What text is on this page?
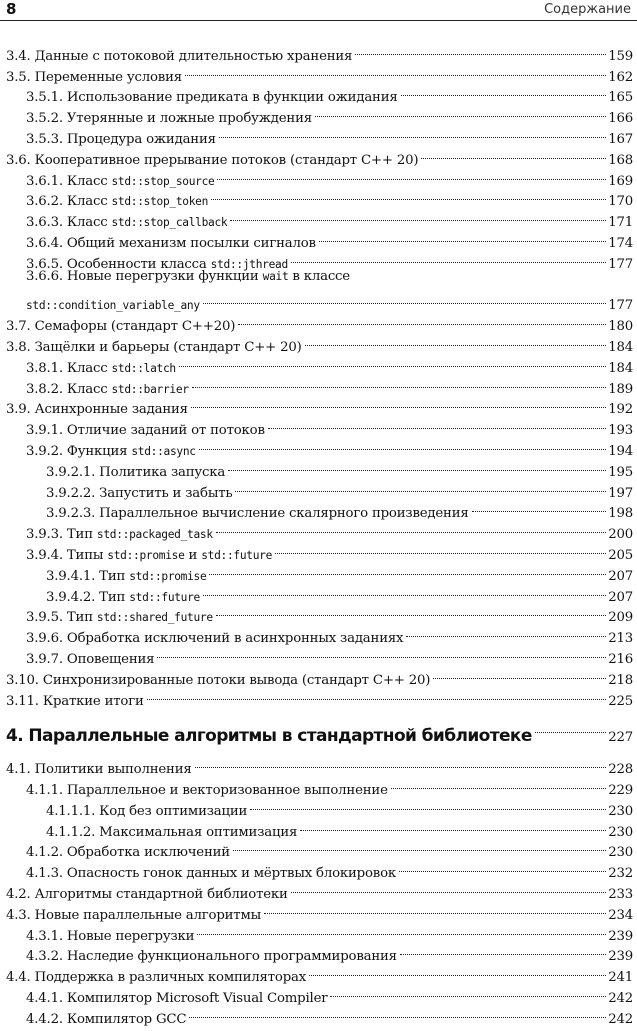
8	Содержание
3.4. Данные с потоковой длительностью хранения	159
3.5. Переменные условия	162
3.5.1. Использование предиката в функции ожидания	165
3.5.2. Утерянные и ложные пробуждения	166
3.5.3. Процедура ожидания	167
3.6. Кооперативное прерывание потоков (стандарт C++ 20)	168
3.6.1. Класс std::stop_source	169
3.6.2. Класс std::stop_token	170
3.6.3. Класс std::stop_callback	171
3.6.4. Общий механизм посылки сигналов	174
3.6.5. Особенности класса std::jthread	177
3.6.6. Новые перегрузки функции wait в классе
std::condition_variable_any	177
3.7. Семафоры (стандарт C++20)	180
3.8. Защёлки и барьеры (стандарт C++ 20)	184
3.8.1. Класс std::latch	184
3.8.2. Класс std::barrier	189
3.9. Асинхронные задания	192
3.9.1. Отличие заданий от потоков	193
3.9.2. Функция std::async	194
3.9.2.1. Политика запуска	195
3.9.2.2. Запустить и забыть	197
3.9.2.3. Параллельное вычисление скалярного произведения	198
3.9.3. Тип std::packaged_task	200
3.9.4. Типы std::promise и std::future	205
3.9.4.1. Тип std::promise	207
3.9.4.2. Тип std::future	207
3.9.5. Тип std::shared_future	209
3.9.6. Обработка исключений в асинхронных заданиях	213
3.9.7. Оповещения	216
3.10. Синхронизированные потоки вывода (стандарт C++ 20)	218
3.11. Краткие итоги	225
4. Параллельные алгоритмы в стандартной библиотеке	227
4.1. Политики выполнения	228
4.1.1. Параллельное и векторизованное выполнение	229
4.1.1.1. Код без оптимизации	230
4.1.1.2. Максимальная оптимизация	230
4.1.2. Обработка исключений	230
4.1.3. Опасность гонок данных и мёртвых блокировок	232
4.2. Алгоритмы стандартной библиотеки	233
4.3. Новые параллельные алгоритмы	234
4.3.1. Новые перегрузки	239
4.3.2. Наследие функционального программирования	239
4.4. Поддержка в различных компиляторах	241
4.4.1. Компилятор Microsoft Visual Compiler	242
4.4.2. Компилятор GCC	242
